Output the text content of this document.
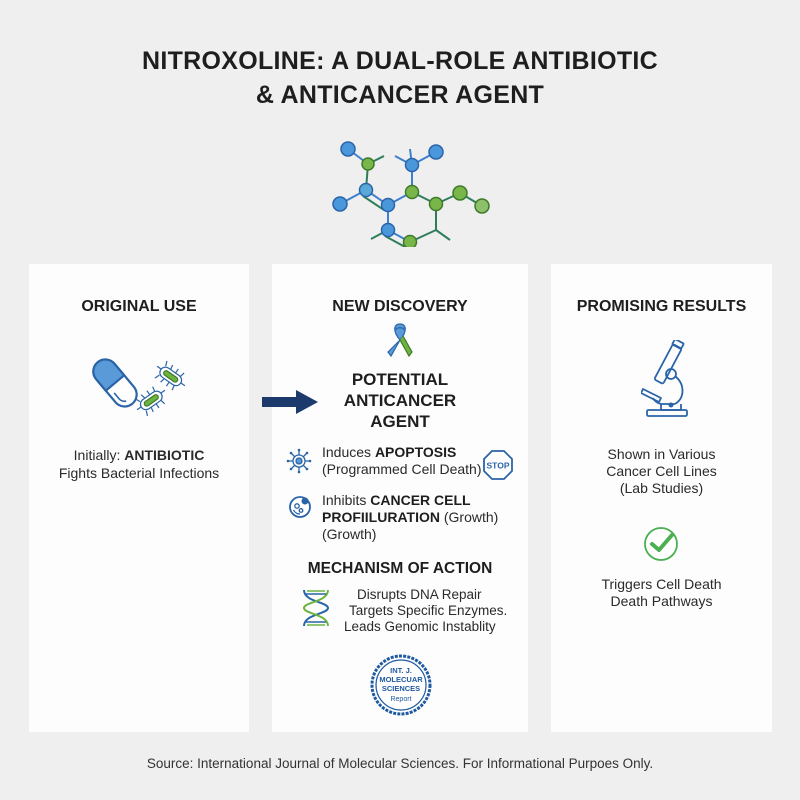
NITROXOLINE: A DUAL-ROLE ANTIBIOTIC
& ANTICANCER AGENT
ORIGINAL USE
Initially: ANTIBIOTIC
Fights Bacterial Infections
NEW DISCOVERY
POTENTIAL
ANTICANCER
AGENT
Induces APOPTOSIS
(Programmed Cell Death) STOP
Inhibits CANCER CELL
PROFIILURATION (Growth)
(Growth)
MECHANISM OF ACTION
Disrupts DNA Repair
Targets Specific Enzymes.
Leads Genomic Instablity
INT. J.
MOLECUAR
SCIENCES
Report
PROMISING RESULTS
Shown in Various
Cancer Cell Lines
(Lab Studies)
Triggers Cell Death
Death Pathways
Source: International Journal of Molecular Sciences. For Informational Purpoes Only.
